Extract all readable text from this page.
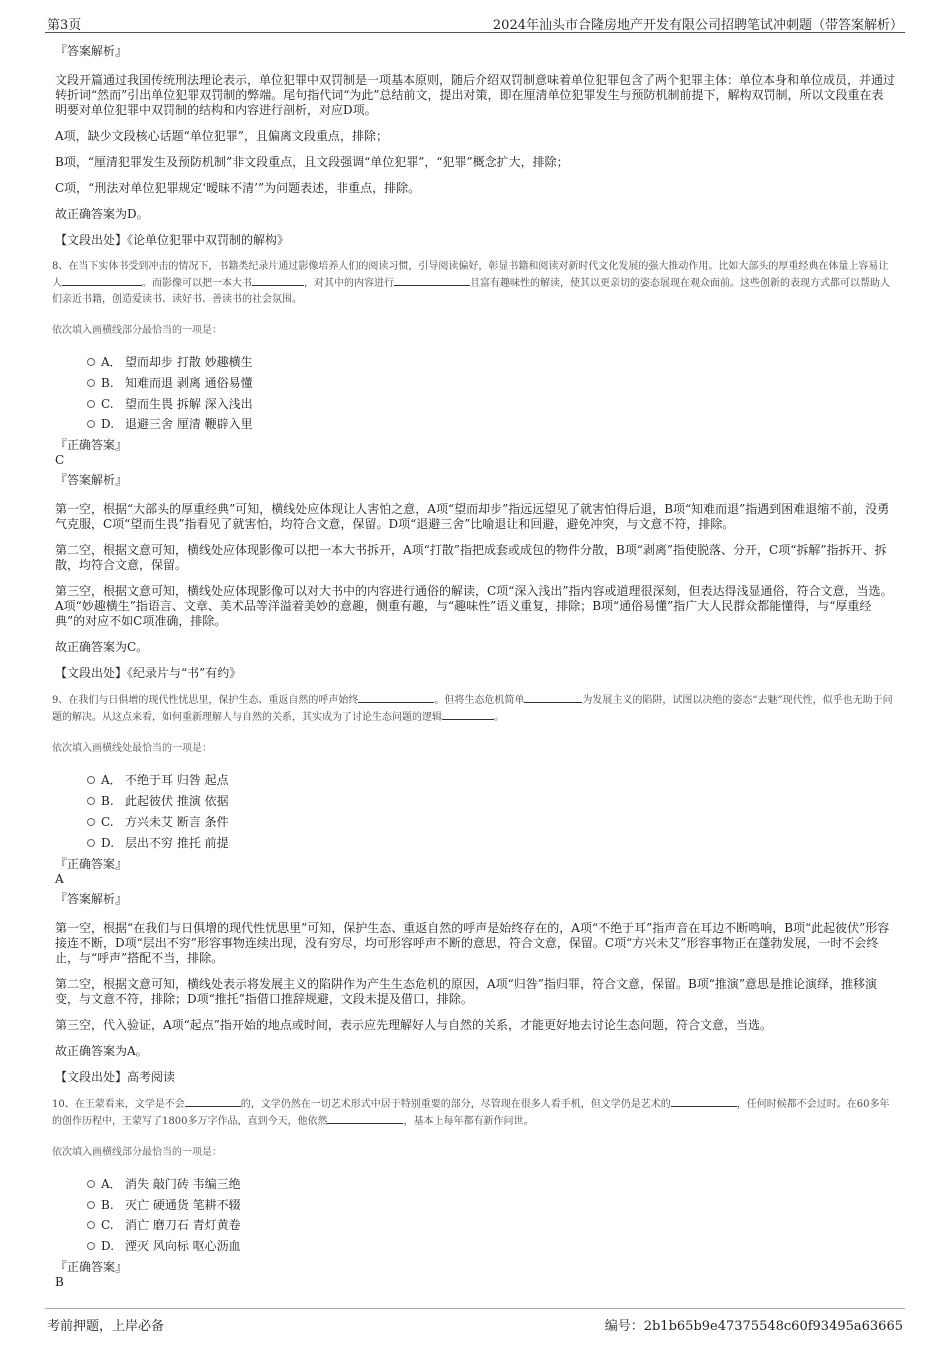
第3页	2024年汕头市合隆房地产开发有限公司招聘笔试冲刺题（带答案解析）

『答案解析』

文段开篇通过我国传统刑法理论表示，单位犯罪中双罚制是一项基本原则，随后介绍双罚制意味着单位犯罪包含了两个犯罪主体：单位本身和单位成员，并通过转折词“然而”引出单位犯罪双罚制的弊端。尾句指代词“为此”总结前文，提出对策，即在厘清单位犯罪发生与预防机制前提下，解构双罚制，所以文段重在表明要对单位犯罪中双罚制的结构和内容进行剖析，对应D项。

A项，缺少文段核心话题“单位犯罪”，且偏离文段重点，排除；

B项，“厘清犯罪发生及预防机制”非文段重点，且文段强调“单位犯罪”，“犯罪”概念扩大，排除；

C项，“刑法对单位犯罪规定‘暧昧不清’”为问题表述，非重点，排除。

故正确答案为D。

【文段出处】《论单位犯罪中双罚制的解构》

8、在当下实体书受到冲击的情况下，书籍类纪录片通过影像培养人们的阅读习惯，引导阅读偏好，彰显书籍和阅读对新时代文化发展的强大推动作用。比如大部头的厚重经典在体量上容易让人	。而影像可以把一本大书	，对其中的内容进行	且富有趣味性的解读，使其以更亲切的姿态展现在观众面前。这些创新的表现方式都可以帮助人们亲近书籍，创造爱读书、读好书、善读书的社会氛围。

依次填入画横线部分最恰当的一项是：

A． 望而却步 打散 妙趣横生
B. 知难而退 剥离 通俗易懂
C. 望而生畏 拆解 深入浅出
D. 退避三舍 厘清 鞭辟入里

『正确答案』

C

『答案解析』

第一空，根据“大部头的厚重经典”可知，横线处应体现让人害怕之意，A项“望而却步”指远远望见了就害怕得后退，B项“知难而退”指遇到困难退缩不前，没勇气克服，C项“望而生畏”指看见了就害怕，均符合文意，保留。D项“退避三舍”比喻退让和回避，避免冲突，与文意不符，排除。

第二空，根据文意可知，横线处应体现影像可以把一本大书拆开，A项“打散”指把成套或成包的物件分散，B项“剥离”指使脱落、分开，C项“拆解”指拆开、拆散，均符合文意，保留。

第三空，根据文意可知，横线处应体现影像可以对大书中的内容进行通俗的解读，C项“深入浅出”指内容或道理很深刻，但表达得浅显通俗，符合文意，当选。A项“妙趣横生”指语言、文章、美术品等洋溢着美妙的意趣，侧重有趣，与“趣味性”语义重复，排除；B项“通俗易懂”指广大人民群众都能懂得，与“厚重经典”的对应不如C项准确，排除。

故正确答案为C。

【文段出处】《纪录片与“书”有约》

9、在我们与日俱增的现代性忧思里，保护生态、重返自然的呼声始终	。但将生态危机简单	为发展主义的陷阱，试图以决绝的姿态“去魅”现代性，似乎也无助于问题的解决。从这点来看，如何重新理解人与自然的关系，其实成为了讨论生态问题的逻辑	。

依次填入画横线处最恰当的一项是：

A． 不绝于耳 归咎 起点
B. 此起彼伏 推演 依据
C. 方兴未艾 断言 条件
D. 层出不穷 推托 前提

『正确答案』

A

『答案解析』

第一空，根据“在我们与日俱增的现代性忧思里”可知，保护生态、重返自然的呼声是始终存在的，A项“不绝于耳”指声音在耳边不断鸣响，B项“此起彼伏”形容接连不断，D项“层出不穷”形容事物连续出现，没有穷尽，均可形容呼声不断的意思，符合文意，保留。C项“方兴未艾”形容事物正在蓬勃发展，一时不会终止，与“呼声”搭配不当，排除。

第二空，根据文意可知，横线处表示将发展主义的陷阱作为产生生态危机的原因，A项“归咎”指归罪，符合文意，保留。B项“推演”意思是推论演绎，推移演变，与文意不符，排除；D项“推托”指借口推辞规避，文段未提及借口，排除。

第三空，代入验证，A项“起点”指开始的地点或时间，表示应先理解好人与自然的关系，才能更好地去讨论生态问题，符合文意，当选。

故正确答案为A。

【文段出处】高考阅读

10、在王蒙看来，文学是不会	的，文学仍然在一切艺术形式中居于特别重要的部分，尽管现在很多人看手机，但文学仍是艺术的	，任何时候都不会过时。在60多年的创作历程中，王蒙写了1800多万字作品，直到今天，他依然	，基本上每年都有新作问世。

依次填入画横线部分最恰当的一项是：

A． 消失 敲门砖 韦编三绝
B. 灭亡 硬通货 笔耕不辍
C. 消亡 磨刀石 青灯黄卷
D. 湮灭 风向标 呕心沥血

『正确答案』

B

考前押题，上岸必备	编号：2b1b65b9e47375548c60f93495a63665
